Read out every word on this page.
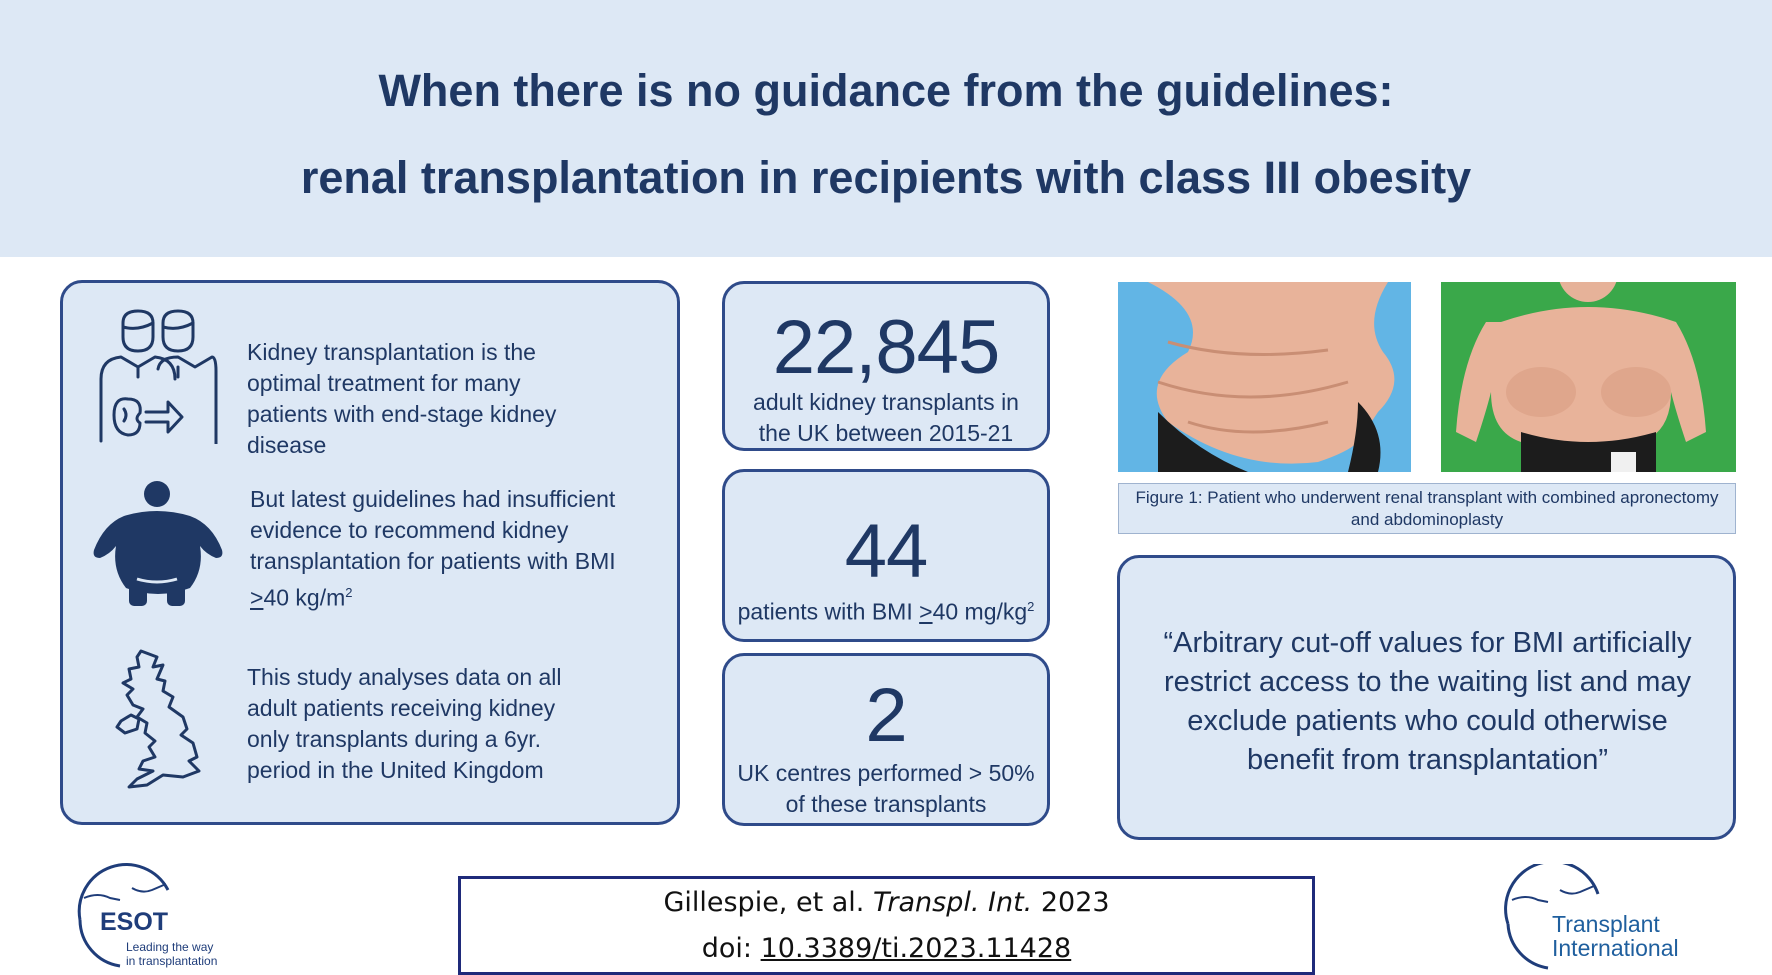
When there is no guidance from the guidelines:
renal transplantation in recipients with class III obesity
Kidney transplantation is the optimal treatment for many patients with end-stage kidney disease
But latest guidelines had insufficient evidence to recommend kidney transplantation for patients with BMI ≥40 $kg/m^2$
This study analyses data on all adult patients receiving kidney only transplants during a 6yr. period in the United Kingdom
22,845
adult kidney transplants in the UK between 2015-21
44
patients with BMI ≥40 $mg/kg^2$
2
UK centres performed > 50% of these transplants
Figure 1: Patient who underwent renal transplant with combined apronectomy and abdominoplasty
“Arbitrary cut-off values for BMI artificially restrict access to the waiting list and may exclude patients who could otherwise benefit from transplantation”
Gillespie, et al. Transpl. Int. 2023
doi: 10.3389/ti.2023.11428
ESOT
Leading the way
in transplantation
Transplant
International
